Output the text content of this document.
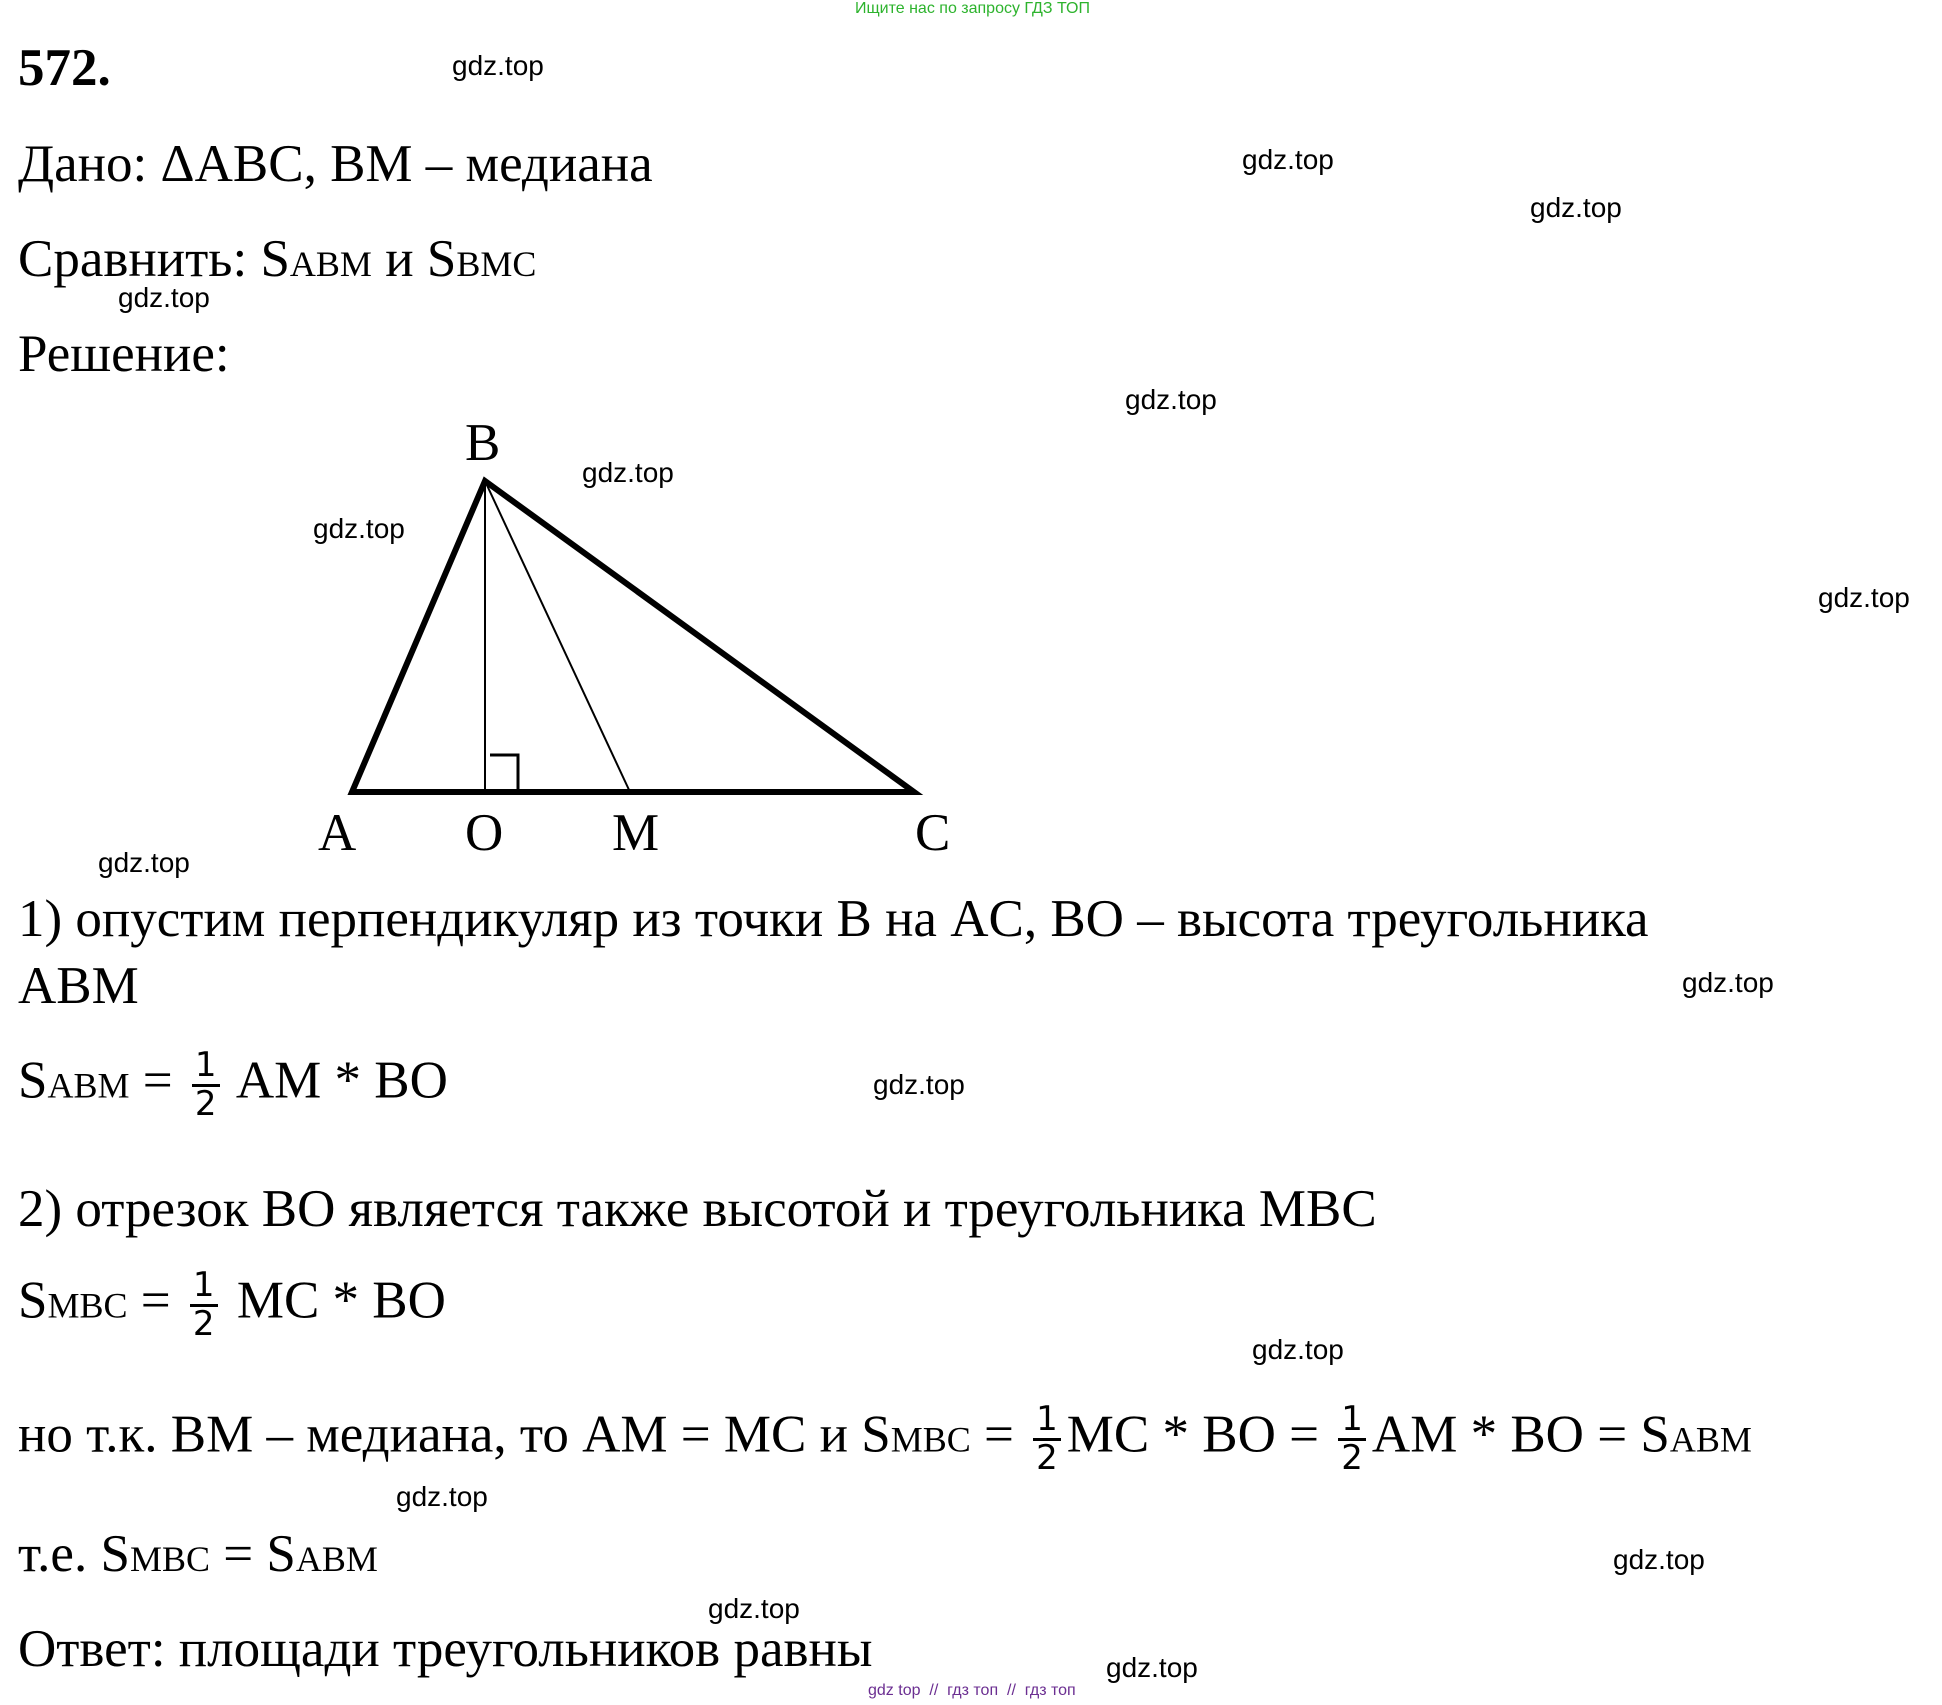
Ищите нас по запросу ГДЗ ТОП
572.
Дано: ΔABC, BM – медиана
Сравнить: SABM и SBMC
Решение:
B
A O M	C
1) опустим перпендикуляр из точки B на AC, BO – высота треугольника
ABM
SABM = $\frac{1}{2}$ AM * BO
2) отрезок BO является также высотой и треугольника MBC
SMBC = $\frac{1}{2}$ MC * BO
но т.к. BM – медиана, то AM = MC и SMBC = $\frac{1}{2}$ MC * BO = $\frac{1}{2}$ AM * BO = SABM
т.е. SMBC = SABM
Ответ: площади треугольников равны
gdz.top
gdz.top
gdz.top
gdz.top
gdz.top
gdz.top
gdz.top
gdz.top
gdz.top
gdz.top
gdz.top
gdz.top
gdz.top
gdz.top
gdz.top
gdz.top
gdz top  //  гдз топ  //  гдз топ
